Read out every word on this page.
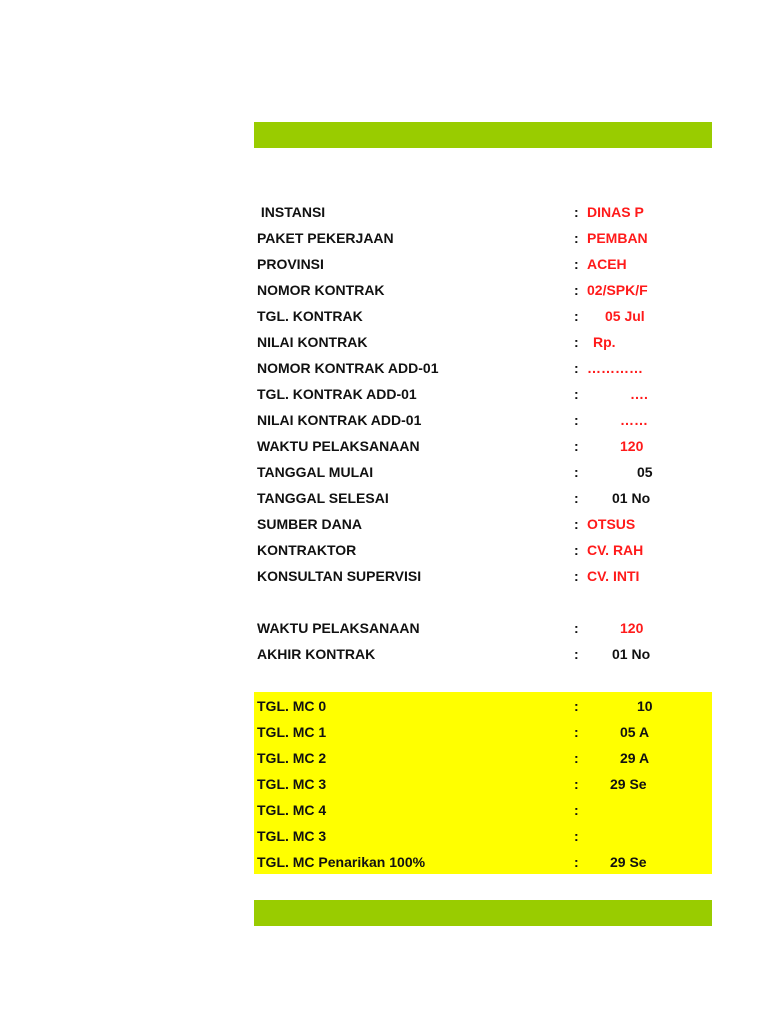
INSTANSI	: DINAS P
PAKET PEKERJAAN	: PEMBAN
PROVINSI	: ACEH
NOMOR KONTRAK	: 02/SPK/F
TGL. KONTRAK	: 05 Jul
NILAI KONTRAK	: Rp.
NOMOR KONTRAK ADD-01	: …………
TGL. KONTRAK ADD-01	:	….
NILAI KONTRAK ADD-01	:	……
WAKTU PELAKSANAAN	:	120
TANGGAL MULAI	:	05
TANGGAL SELESAI	: 01 No
SUMBER DANA	: OTSUS
KONTRAKTOR	: CV. RAH
KONSULTAN SUPERVISI	: CV. INTI
WAKTU PELAKSANAAN	:	120
AKHIR KONTRAK	: 01 No
TGL. MC 0	:	10
TGL. MC 1	:	05 A
TGL. MC 2	:	29 A
TGL. MC 3	: 29 Se
TGL. MC 4	:
TGL. MC 3	:
TGL. MC Penarikan 100%	: 29 Se
